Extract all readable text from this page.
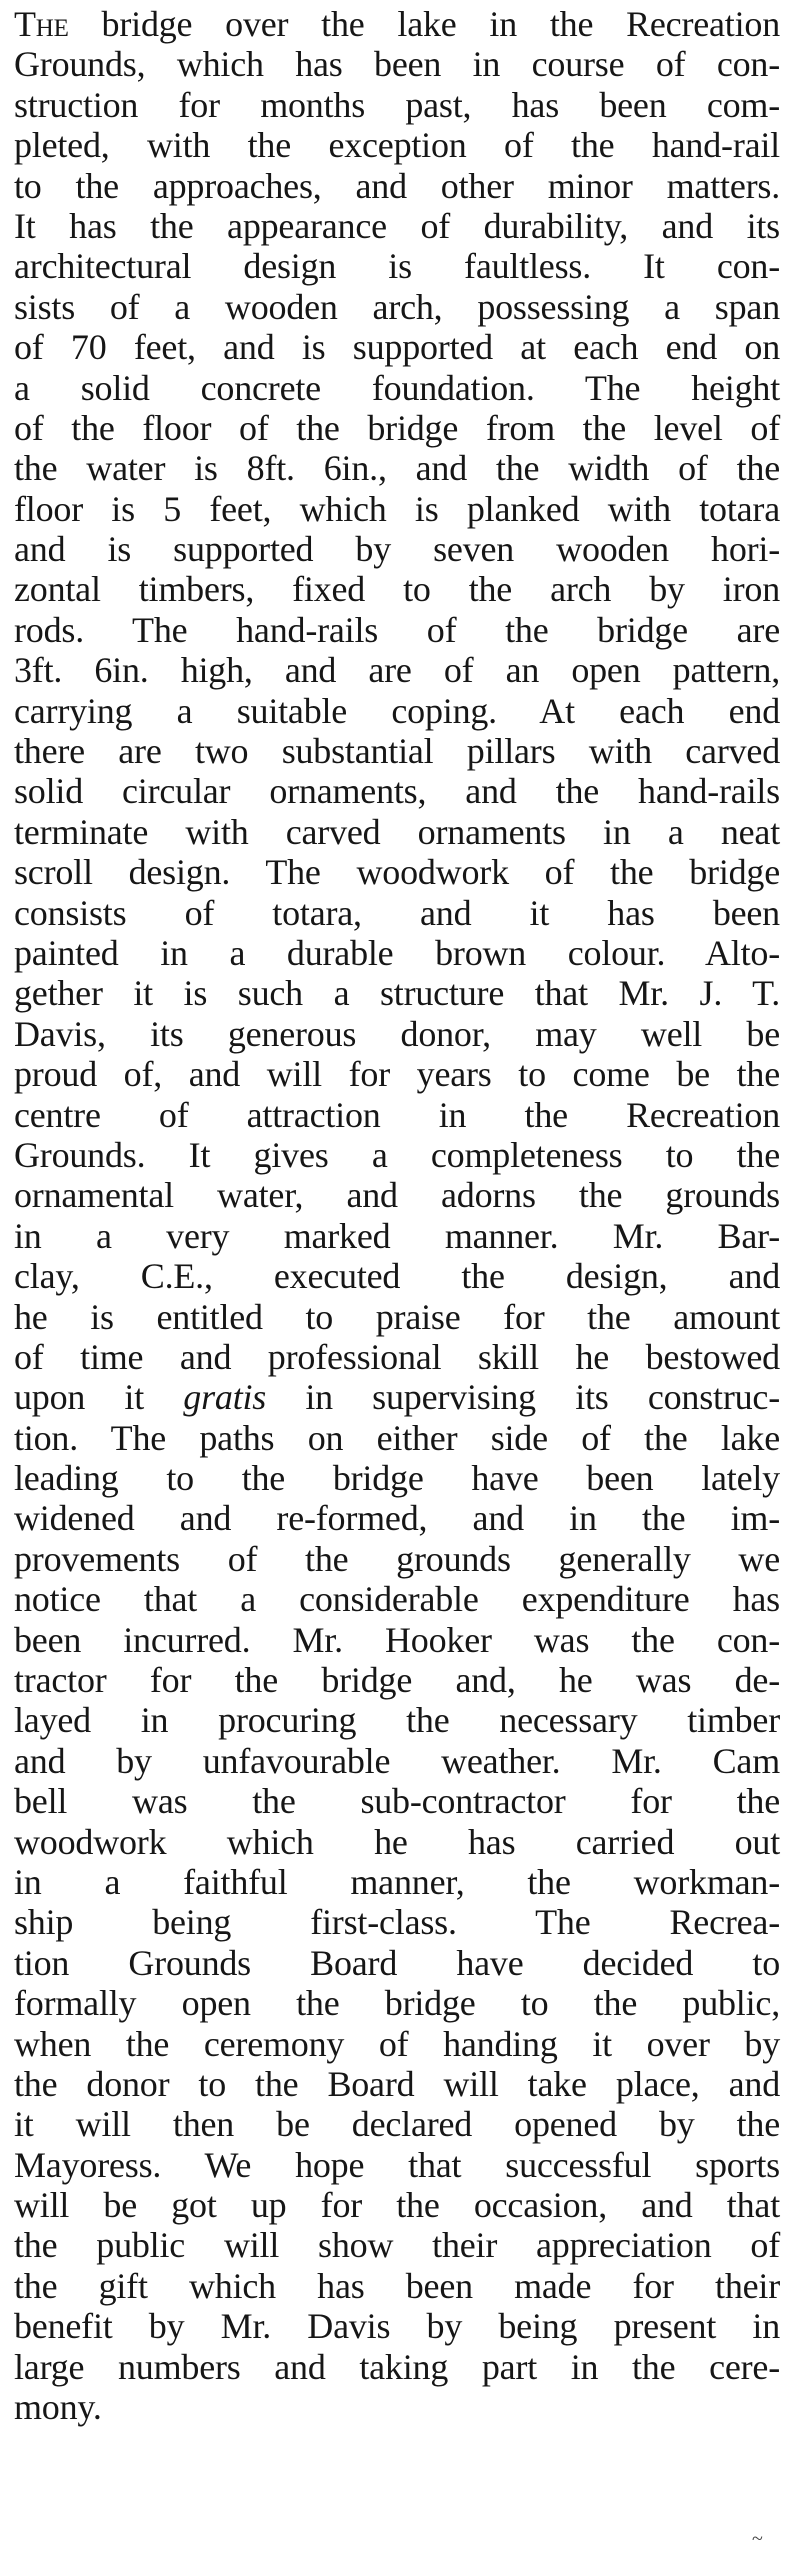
The bridge over the lake in the Recreation
Grounds, which has been in course of con-
struction for months past, has been com-
pleted, with the exception of the hand-rail
to the approaches, and other minor matters.
It has the appearance of durability, and its
architectural design is faultless. It con-
sists of a wooden arch, possessing a span
of 70 feet, and is supported at each end on
a solid concrete foundation. The height
of the floor of the bridge from the level of
the water is 8ft. 6in., and the width of the
floor is 5 feet, which is planked with totara
and is supported by seven wooden hori-
zontal timbers, fixed to the arch by iron
rods. The hand-rails of the bridge are
3ft. 6in. high, and are of an open pattern,
carrying a suitable coping. At each end
there are two substantial pillars with carved
solid circular ornaments, and the hand-rails
terminate with carved ornaments in a neat
scroll design. The woodwork of the bridge
consists of totara, and it has been
painted in a durable brown colour. Alto-
gether it is such a structure that Mr. J. T.
Davis, its generous donor, may well be
proud of, and will for years to come be the
centre of attraction in the Recreation
Grounds. It gives a completeness to the
ornamental water, and adorns the grounds
in a very marked manner. Mr. Bar-
clay, C.E., executed the design, and
he is entitled to praise for the amount
of time and professional skill he bestowed
upon it gratis in supervising its construc-
tion. The paths on either side of the lake
leading to the bridge have been lately
widened and re-formed, and in the im-
provements of the grounds generally we
notice that a considerable expenditure has
been incurred. Mr. Hooker was the con-
tractor for the bridge and, he was de-
layed in procuring the necessary timber
and by unfavourable weather. Mr. Cam
bell was the sub-contractor for the
woodwork which he has carried out
in a faithful manner, the workman-
ship being first-class. The Recrea-
tion Grounds Board have decided to
formally open the bridge to the public,
when the ceremony of handing it over by
the donor to the Board will take place, and
it will then be declared opened by the
Mayoress. We hope that successful sports
will be got up for the occasion, and that
the public will show their appreciation of
the gift which has been made for their
benefit by Mr. Davis by being present in
large numbers and taking part in the cere-
mony.
~
